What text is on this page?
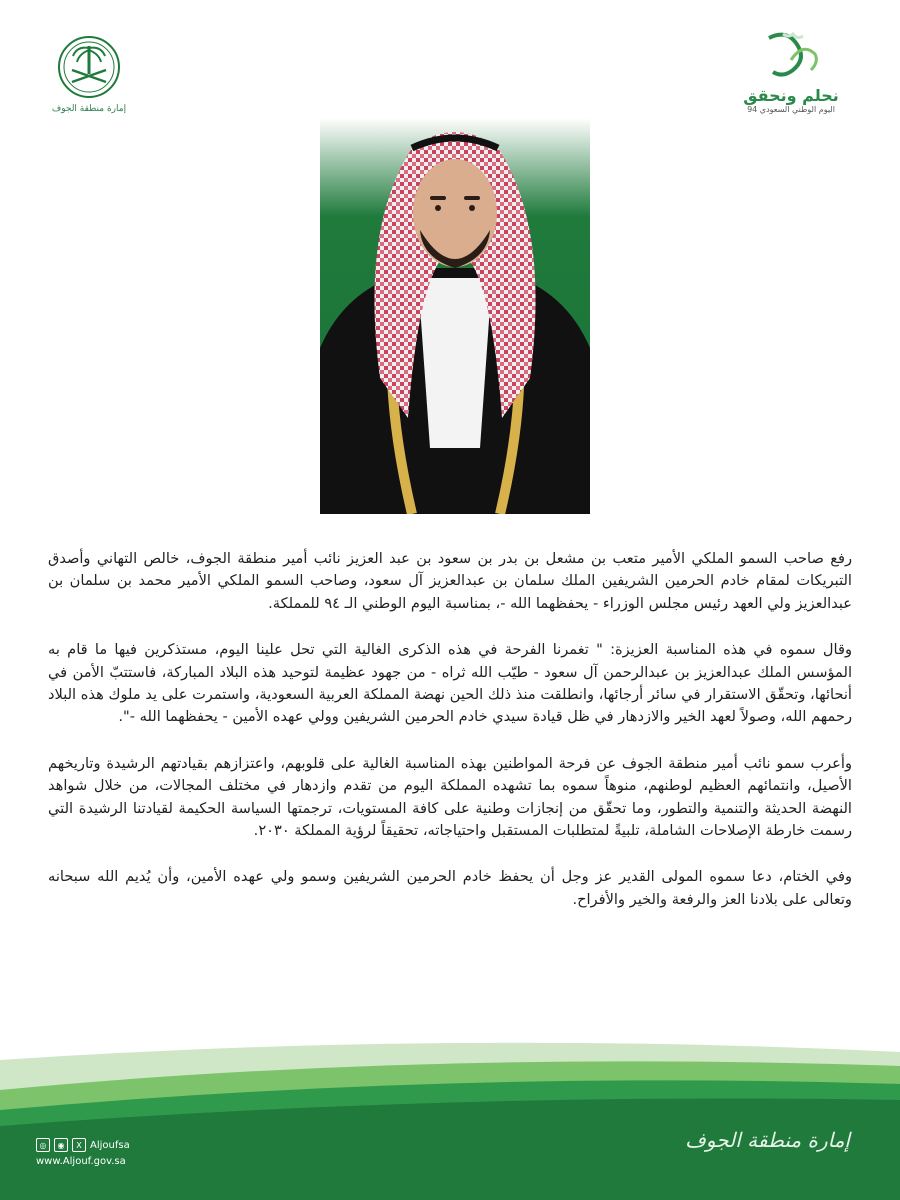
إمارة منطقة الجوف
نحلم ونحقق
اليوم الوطني السعودي 94

رفع صاحب السمو الملكي الأمير متعب بن مشعل بن بدر بن سعود بن عبد العزيز نائب أمير منطقة الجوف، خالص التهاني وأصدق التبريكات لمقام خادم الحرمين الشريفين الملك سلمان بن عبدالعزيز آل سعود، وصاحب السمو الملكي الأمير محمد بن سلمان بن عبدالعزيز ولي العهد رئيس مجلس الوزراء - يحفظهما الله -، بمناسبة اليوم الوطني الـ ٩٤ للمملكة.

وقال سموه في هذه المناسبة العزيزة: " تغمرنا الفرحة في هذه الذكرى الغالية التي تحل علينا اليوم، مستذكرين فيها ما قام به المؤسس الملك عبدالعزيز بن عبدالرحمن آل سعود - طيّب الله ثراه - من جهود عظيمة لتوحيد هذه البلاد المباركة، فاستتبّ الأمن في أنحائها، وتحقّق الاستقرار في سائر أرجائها، وانطلقت منذ ذلك الحين نهضة المملكة العربية السعودية، واستمرت على يد ملوك هذه البلاد رحمهم الله، وصولاً لعهد الخير والازدهار في ظل قيادة سيدي خادم الحرمين الشريفين وولي عهده الأمين - يحفظهما الله -".

وأعرب سمو نائب أمير منطقة الجوف عن فرحة المواطنين بهذه المناسبة الغالية على قلوبهم، واعتزازهم بقيادتهم الرشيدة وتاريخهم الأصيل، وانتمائهم العظيم لوطنهم، منوهاً سموه بما تشهده المملكة اليوم من تقدم وازدهار في مختلف المجالات، من خلال شواهد النهضة الحديثة والتنمية والتطور، وما تحقّق من إنجازات وطنية على كافة المستويات، ترجمتها السياسة الحكيمة لقيادتنا الرشيدة التي رسمت خارطة الإصلاحات الشاملة، تلبيةً لمتطلبات المستقبل واحتياجاته، تحقيقاً لرؤية المملكة ٢٠٣٠.

وفي الختام، دعا سموه المولى القدير عز وجل أن يحفظ خادم الحرمين الشريفين وسمو ولي عهده الأمين، وأن يُديم الله سبحانه وتعالى على بلادنا العز والرفعة والخير والأفراح.

◎	◉	X Aljoufsa
www.Aljouf.gov.sa
إمارة منطقة الجوف
